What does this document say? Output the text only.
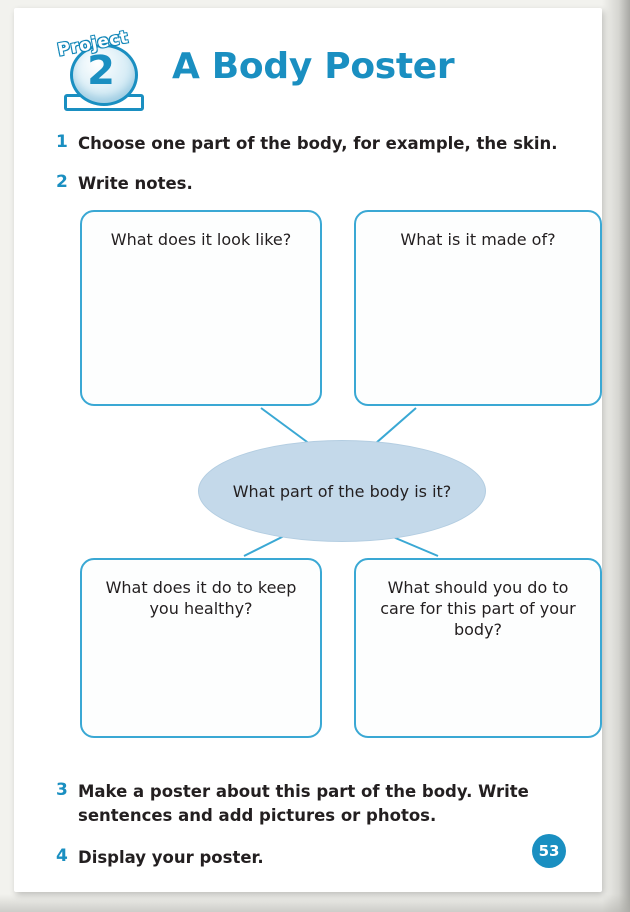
2
Project
A Body Poster
1 Choose one part of the body, for example, the skin.
2 Write notes.
What does it look like?	What is it made of?
What part of the body is it?
What does it do to keep you healthy?
What should you do to care for this part of your body?
3 Make a poster about this part of the body. Write sentences and add pictures or photos.
4 Display your poster.	53
